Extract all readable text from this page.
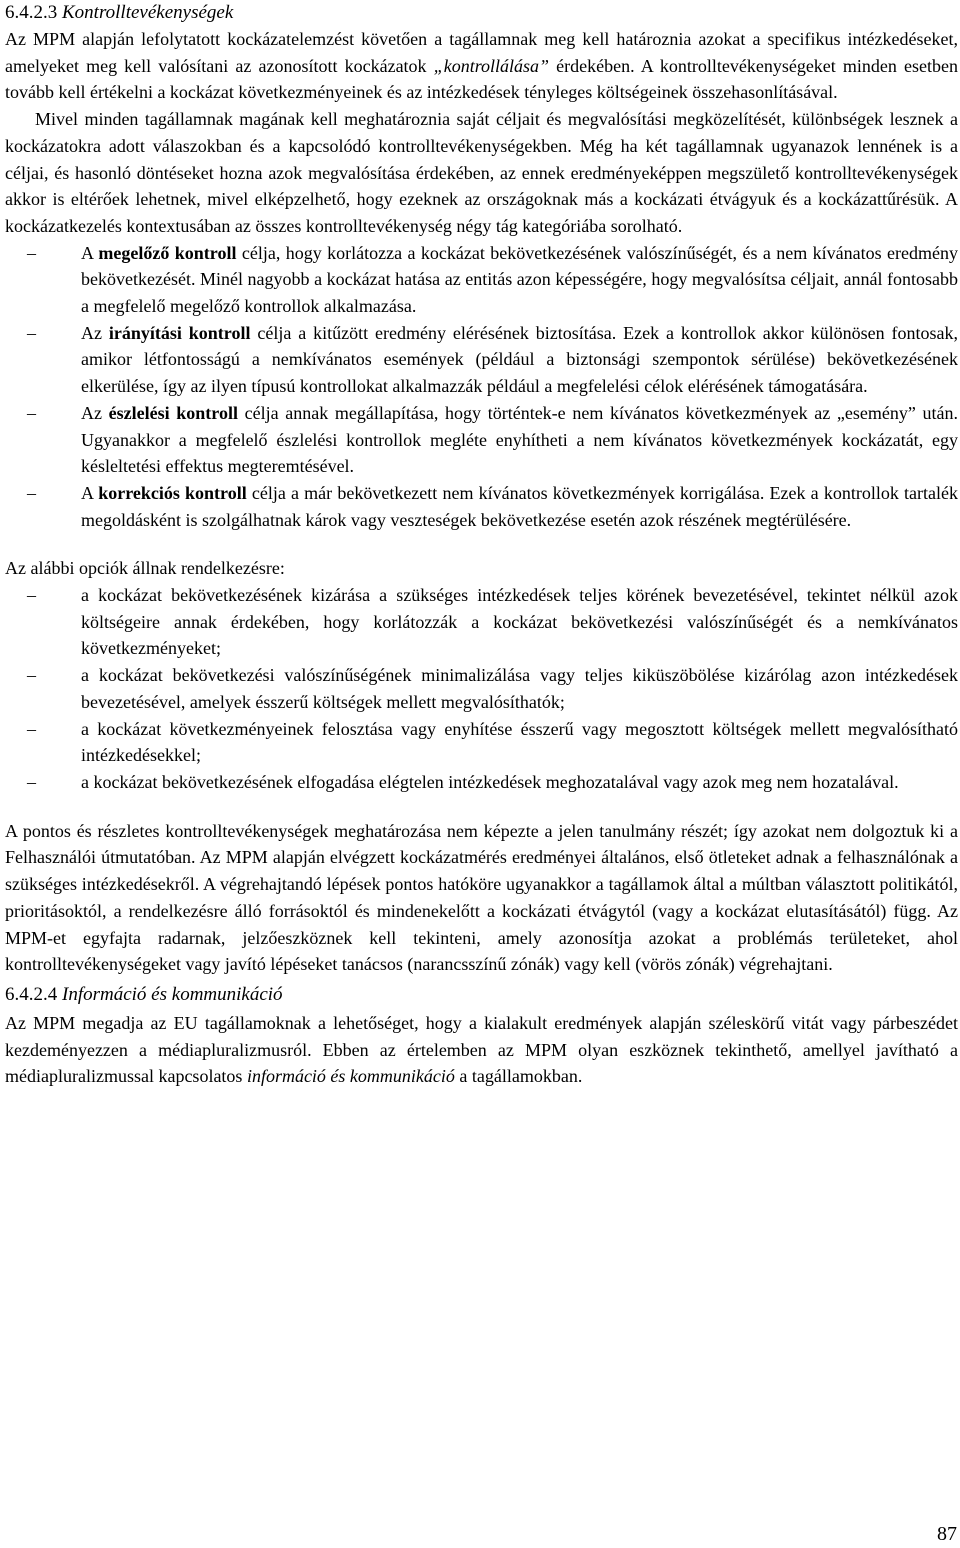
6.4.2.3 Kontrolltevékenységek

Az MPM alapján lefolytatott kockázatelemzést követően a tagállamnak meg kell határoznia azokat a specifikus intézkedéseket, amelyeket meg kell valósítani az azonosított kockázatok „kontrollálása” érdekében. A kontrolltevékenységeket minden esetben tovább kell értékelni a kockázat következményeinek és az intézkedések tényleges költségeinek összehasonlításával.

Mivel minden tagállamnak magának kell meghatároznia saját céljait és megvalósítási megközelítését, különbségek lesznek a kockázatokra adott válaszokban és a kapcsolódó kontrolltevékenységekben. Még ha két tagállamnak ugyanazok lennének is a céljai, és hasonló döntéseket hozna azok megvalósítása érdekében, az ennek eredményeképpen megszülető kontrolltevékenységek akkor is eltérőek lehetnek, mivel elképzelhető, hogy ezeknek az országoknak más a kockázati étvágyuk és a kockázattűrésük. A kockázatkezelés kontextusában az összes kontrolltevékenység négy tág kategóriába sorolható.

–	A megelőző kontroll célja, hogy korlátozza a kockázat bekövetkezésének valószínűségét, és a nem kívánatos eredmény bekövetkezését. Minél nagyobb a kockázat hatása az entitás azon képességére, hogy megvalósítsa céljait, annál fontosabb a megfelelő megelőző kontrollok alkalmazása.
–	Az irányítási kontroll célja a kitűzött eredmény elérésének biztosítása. Ezek a kontrollok akkor különösen fontosak, amikor létfontosságú a nemkívánatos események (például a biztonsági szempontok sérülése) bekövetkezésének elkerülése, így az ilyen típusú kontrollokat alkalmazzák például a megfelelési célok elérésének támogatására.
–	Az észlelési kontroll célja annak megállapítása, hogy történtek-e nem kívánatos következmények az „esemény” után. Ugyanakkor a megfelelő észlelési kontrollok megléte enyhítheti a nem kívánatos következmények kockázatát, egy késleltetési effektus megteremtésével.
–	A korrekciós kontroll célja a már bekövetkezett nem kívánatos következmények korrigálása. Ezek a kontrollok tartalék megoldásként is szolgálhatnak károk vagy veszteségek bekövetkezése esetén azok részének megtérülésére.

Az alábbi opciók állnak rendelkezésre:

–	a kockázat bekövetkezésének kizárása a szükséges intézkedések teljes körének bevezetésével, tekintet nélkül azok költségeire annak érdekében, hogy korlátozzák a kockázat bekövetkezési valószínűségét és a nemkívánatos következményeket;
–	a kockázat bekövetkezési valószínűségének minimalizálása vagy teljes kiküszöbölése kizárólag azon intézkedések bevezetésével, amelyek ésszerű költségek mellett megvalósíthatók;
–	a kockázat következményeinek felosztása vagy enyhítése ésszerű vagy megosztott költségek mellett megvalósítható intézkedésekkel;
–	a kockázat bekövetkezésének elfogadása elégtelen intézkedések meghozatalával vagy azok meg nem hozatalával.

A pontos és részletes kontrolltevékenységek meghatározása nem képezte a jelen tanulmány részét; így azokat nem dolgoztuk ki a Felhasználói útmutatóban. Az MPM alapján elvégzett kockázatmérés eredményei általános, első ötleteket adnak a felhasználónak a szükséges intézkedésekről. A végrehajtandó lépések pontos hatóköre ugyanakkor a tagállamok által a múltban választott politikától, prioritásoktól, a rendelkezésre álló forrásoktól és mindenekelőtt a kockázati étvágytól (vagy a kockázat elutasításától) függ. Az MPM-et egyfajta radarnak, jelzőeszköznek kell tekinteni, amely azonosítja azokat a problémás területeket, ahol kontrolltevékenységeket vagy javító lépéseket tanácsos (narancsszínű zónák) vagy kell (vörös zónák) végrehajtani.

6.4.2.4 Információ és kommunikáció

Az MPM megadja az EU tagállamoknak a lehetőséget, hogy a kialakult eredmények alapján széleskörű vitát vagy párbeszédet kezdeményezzen a médiapluralizmusról. Ebben az értelemben az MPM olyan eszköznek tekinthető, amellyel javítható a médiapluralizmussal kapcsolatos információ és kommunikáció a tagállamokban.

87
